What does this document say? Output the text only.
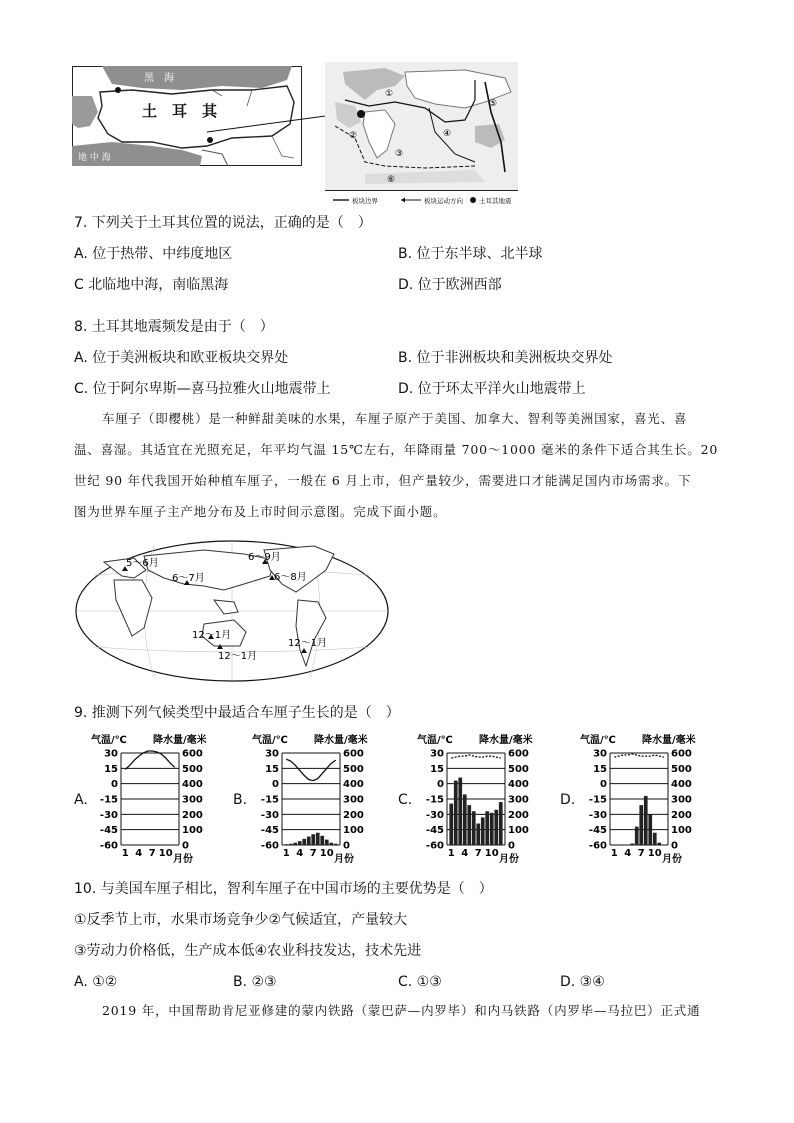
黑　海
土　耳　其
地 中 海
①
②
③
④
⑤
⑥
板块边界	板块运动方向 土耳其地震
7. 下列关于土耳其位置的说法，正确的是（　）
A. 位于热带、中纬度地区	B. 位于东半球、北半球
C 北临地中海，南临黑海	D. 位于欧洲西部
8. 土耳其地震频发是由于（　）
A. 位于美洲板块和欧亚板块交界处	B. 位于非洲板块和美洲板块交界处
C. 位于阿尔卑斯—喜马拉雅火山地震带上	D. 位于环太平洋火山地震带上
车厘子（即樱桃）是一种鲜甜美味的水果，车厘子原产于美国、加拿大、智利等美洲国家，喜光、喜
温、喜湿。其适宜在光照充足，年平均气温 15℃左右，年降雨量 700～1000 毫米的条件下适合其生长。20
世纪 90 年代我国开始种植车厘子，一般在 6 月上市，但产量较少，需要进口才能满足国内市场需求。下
图为世界车厘子主产地分布及上市时间示意图。完成下面小题。
5～6月
6～7月
6～9月
6～8月
12～1月
12～1月
12～1月
9. 推测下列气候类型中最适合车厘子生长的是（　）
A.	B.	C.	D.
气温/℃	降水量/毫米
30	600
15	500
0	400
-15	300
-30	200
-45	100
-60	0
1 4 7 10
月份
气温/℃	降水量/毫米
30	600
15	500
0	400
-15	300
-30	200
-45	100
-60	0
1 4 7 10
月份
气温/℃	降水量/毫米
30	600
15	500
0	400
-15	300
-30	200
-45	100
-60	0
1 4 7 10
月份
气温/℃	降水量/毫米
30	600
15	500
0	400
-15	300
-30	200
-45	100
-60	0
1 4 7 10
月份
10. 与美国车厘子相比，智利车厘子在中国市场的主要优势是（　）
①反季节上市，水果市场竞争少②气候适宜，产量较大
③劳动力价格低，生产成本低④农业科技发达，技术先进
A. ①②	B. ②③	C. ①③	D. ③④
2019 年，中国帮助肯尼亚修建的蒙内铁路（蒙巴萨—内罗毕）和内马铁路（内罗毕—马拉巴）正式通
